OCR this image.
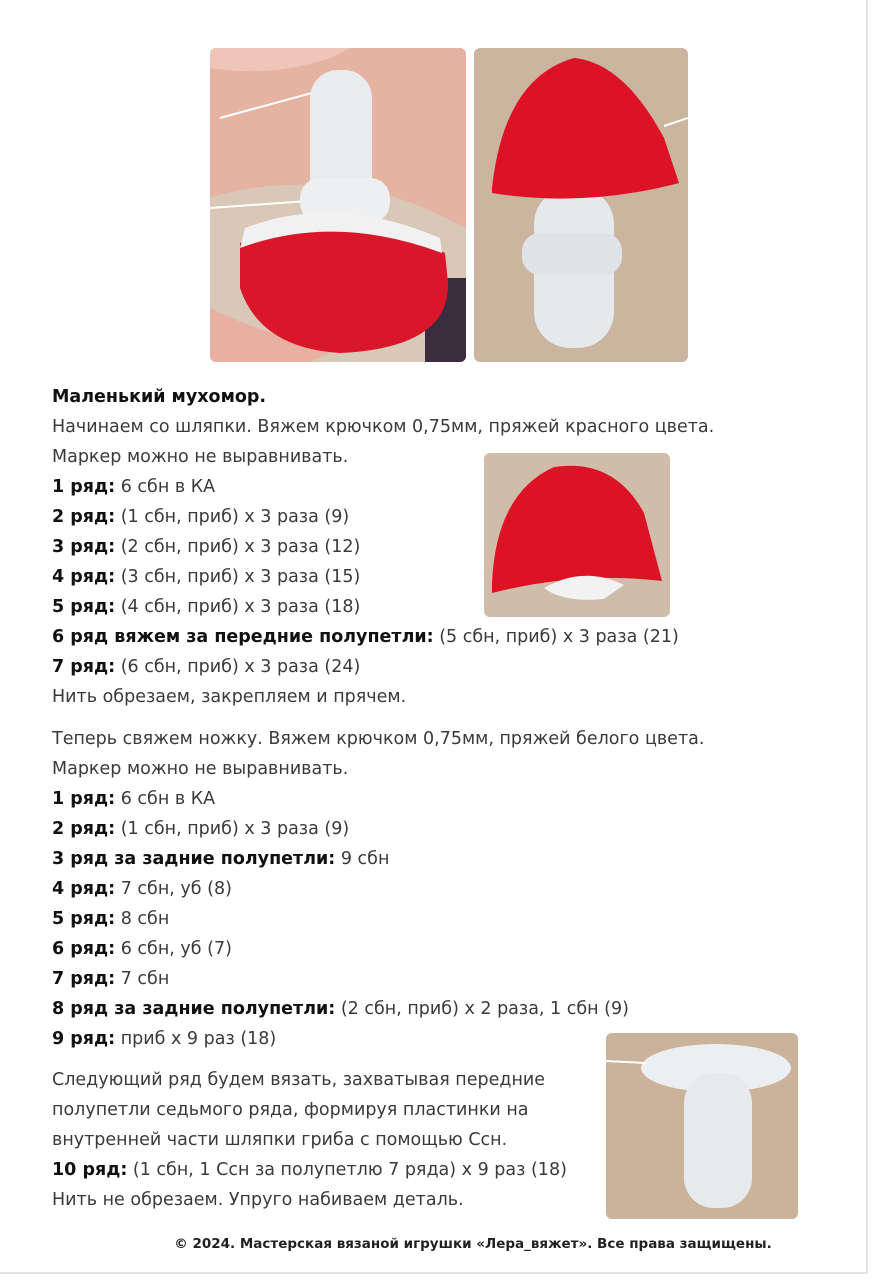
Маленький мухомор.
Начинаем со шляпки. Вяжем крючком 0,75мм, пряжей красного цвета.
Маркер можно не выравнивать.
1 ряд: 6 сбн в КА
2 ряд: (1 сбн, приб) х 3 раза (9)
3 ряд: (2 сбн, приб) х 3 раза (12)
4 ряд: (3 сбн, приб) х 3 раза (15)
5 ряд: (4 сбн, приб) х 3 раза (18)
6 ряд вяжем за передние полупетли: (5 сбн, приб) х 3 раза (21)
7 ряд: (6 сбн, приб) х 3 раза (24)
Нить обрезаем, закрепляем и прячем.
Теперь свяжем ножку. Вяжем крючком 0,75мм, пряжей белого цвета.
Маркер можно не выравнивать.
1 ряд: 6 сбн в КА
2 ряд: (1 сбн, приб) х 3 раза (9)
3 ряд за задние полупетли: 9 сбн
4 ряд: 7 сбн, уб (8)
5 ряд: 8 сбн
6 ряд: 6 сбн, уб (7)
7 ряд: 7 сбн
8 ряд за задние полупетли: (2 сбн, приб) х 2 раза, 1 сбн (9)
9 ряд: приб х 9 раз (18)
Следующий ряд будем вязать, захватывая передние
полупетли седьмого ряда, формируя пластинки на
внутренней части шляпки гриба с помощью Ссн.
10 ряд: (1 сбн, 1 Ссн за полупетлю 7 ряда) х 9 раз (18)
Нить не обрезаем. Упруго набиваем деталь.
© 2024. Мастерская вязаной игрушки «Лера_вяжет». Все права защищены.
